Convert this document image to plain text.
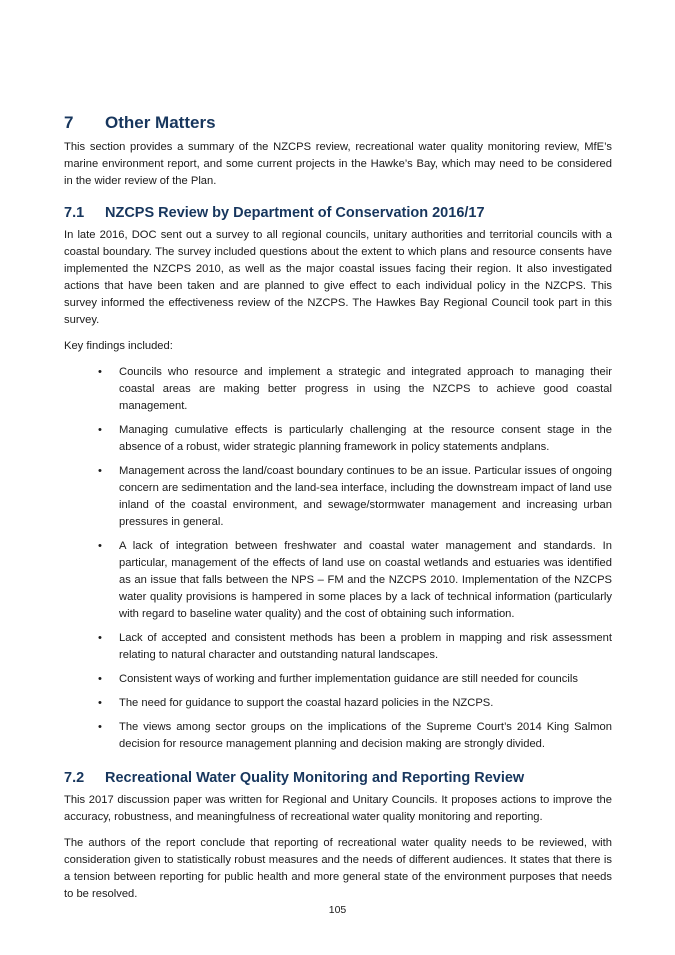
7	Other Matters

This section provides a summary of the NZCPS review, recreational water quality monitoring review, MfE’s marine environment report, and some current projects in the Hawke’s Bay, which may need to be considered in the wider review of the Plan.

7.1	NZCPS Review by Department of Conservation 2016/17

In late 2016, DOC sent out a survey to all regional councils, unitary authorities and territorial councils with a coastal boundary. The survey included questions about the extent to which plans and resource consents have implemented the NZCPS 2010, as well as the major coastal issues facing their region. It also investigated actions that have been taken and are planned to give effect to each individual policy in the NZCPS. This survey informed the effectiveness review of the NZCPS. The Hawkes Bay Regional Council took part in this survey.

Key findings included:

• Councils who resource and implement a strategic and integrated approach to managing their coastal areas are making better progress in using the NZCPS to achieve good coastal management.
• Managing cumulative effects is particularly challenging at the resource consent stage in the absence of a robust, wider strategic planning framework in policy statements andplans.
• Management across the land/coast boundary continues to be an issue. Particular issues of ongoing concern are sedimentation and the land-sea interface, including the downstream impact of land use inland of the coastal environment, and sewage/stormwater management and increasing urban pressures in general.
• A lack of integration between freshwater and coastal water management and standards. In particular, management of the effects of land use on coastal wetlands and estuaries was identified as an issue that falls between the NPS – FM and the NZCPS 2010. Implementation of the NZCPS water quality provisions is hampered in some places by a lack of technical information (particularly with regard to baseline water quality) and the cost of obtaining such information.
• Lack of accepted and consistent methods has been a problem in mapping and risk assessment relating to natural character and outstanding natural landscapes.
• Consistent ways of working and further implementation guidance are still needed for councils
• The need for guidance to support the coastal hazard policies in the NZCPS.
• The views among sector groups on the implications of the Supreme Court’s 2014 King Salmon decision for resource management planning and decision making are strongly divided.
7.2	Recreational Water Quality Monitoring and Reporting Review

This 2017 discussion paper was written for Regional and Unitary Councils. It proposes actions to improve the accuracy, robustness, and meaningfulness of recreational water quality monitoring and reporting.

The authors of the report conclude that reporting of recreational water quality needs to be reviewed, with consideration given to statistically robust measures and the needs of different audiences. It states that there is a tension between reporting for public health and more general state of the environment purposes that needs to be resolved.

105
